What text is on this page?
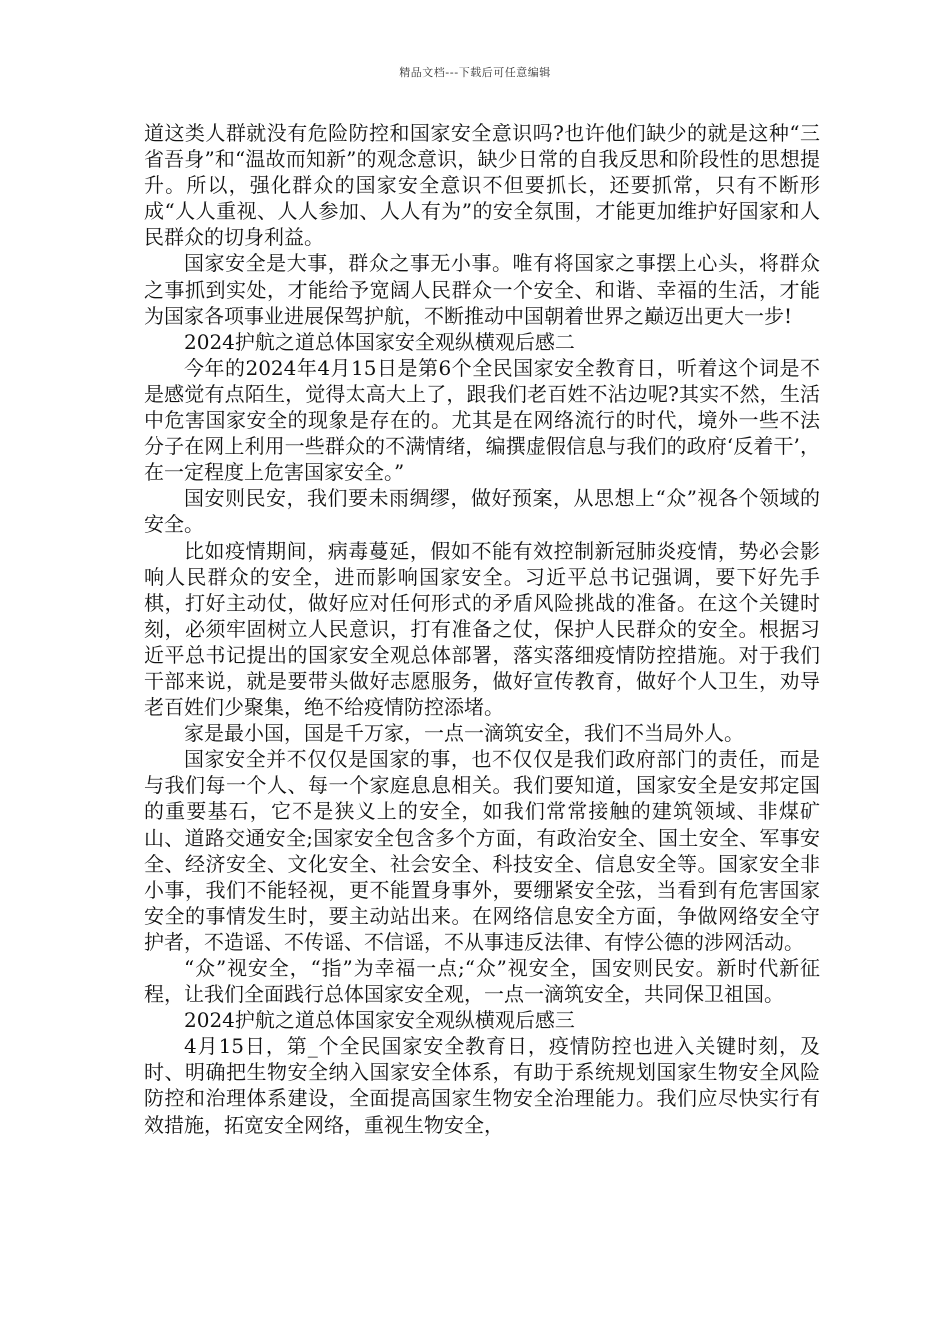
精品文档---下载后可任意编辑

道这类人群就没有危险防控和国家安全意识吗?也许他们缺少的就是这种“三省吾身”和“温故而知新”的观念意识，缺少日常的自我反思和阶段性的思想提升。所以，强化群众的国家安全意识不但要抓长，还要抓常，只有不断形成“人人重视、人人参加、人人有为”的安全氛围，才能更加维护好国家和人民群众的切身利益。

国家安全是大事，群众之事无小事。唯有将国家之事摆上心头，将群众之事抓到实处，才能给予宽阔人民群众一个安全、和谐、幸福的生活，才能为国家各项事业进展保驾护航，不断推动中国朝着世界之巅迈出更大一步!

2024护航之道总体国家安全观纵横观后感二

今年的2024年4月15日是第6个全民国家安全教育日，听着这个词是不是感觉有点陌生，觉得太高大上了，跟我们老百姓不沾边呢?其实不然，生活中危害国家安全的现象是存在的。尤其是在网络流行的时代，境外一些不法分子在网上利用一些群众的不满情绪，编撰虚假信息与我们的政府‘反着干’，在一定程度上危害国家安全。”

国安则民安，我们要未雨绸缪，做好预案，从思想上“众”视各个领域的安全。

比如疫情期间，病毒蔓延，假如不能有效控制新冠肺炎疫情，势必会影响人民群众的安全，进而影响国家安全。习近平总书记强调，要下好先手棋，打好主动仗，做好应对任何形式的矛盾风险挑战的准备。在这个关键时刻，必须牢固树立人民意识，打有准备之仗，保护人民群众的安全。根据习近平总书记提出的国家安全观总体部署，落实落细疫情防控措施。对于我们干部来说，就是要带头做好志愿服务，做好宣传教育，做好个人卫生，劝导老百姓们少聚集，绝不给疫情防控添堵。

家是最小国，国是千万家，一点一滴筑安全，我们不当局外人。

国家安全并不仅仅是国家的事，也不仅仅是我们政府部门的责任，而是与我们每一个人、每一个家庭息息相关。我们要知道，国家安全是安邦定国的重要基石，它不是狭义上的安全，如我们常常接触的建筑领域、非煤矿山、道路交通安全;国家安全包含多个方面，有政治安全、国土安全、军事安全、经济安全、文化安全、社会安全、科技安全、信息安全等。国家安全非小事，我们不能轻视，更不能置身事外，要绷紧安全弦，当看到有危害国家安全的事情发生时，要主动站出来。在网络信息安全方面，争做网络安全守护者，不造谣、不传谣、不信谣，不从事违反法律、有悖公德的涉网活动。

“众”视安全，“指”为幸福一点;“众”视安全，国安则民安。新时代新征程，让我们全面践行总体国家安全观，一点一滴筑安全，共同保卫祖国。

2024护航之道总体国家安全观纵横观后感三

4月15日，第_个全民国家安全教育日，疫情防控也进入关键时刻，及时、明确把生物安全纳入国家安全体系，有助于系统规划国家生物安全风险防控和治理体系建设，全面提高国家生物安全治理能力。我们应尽快实行有效措施，拓宽安全网络，重视生物安全，
